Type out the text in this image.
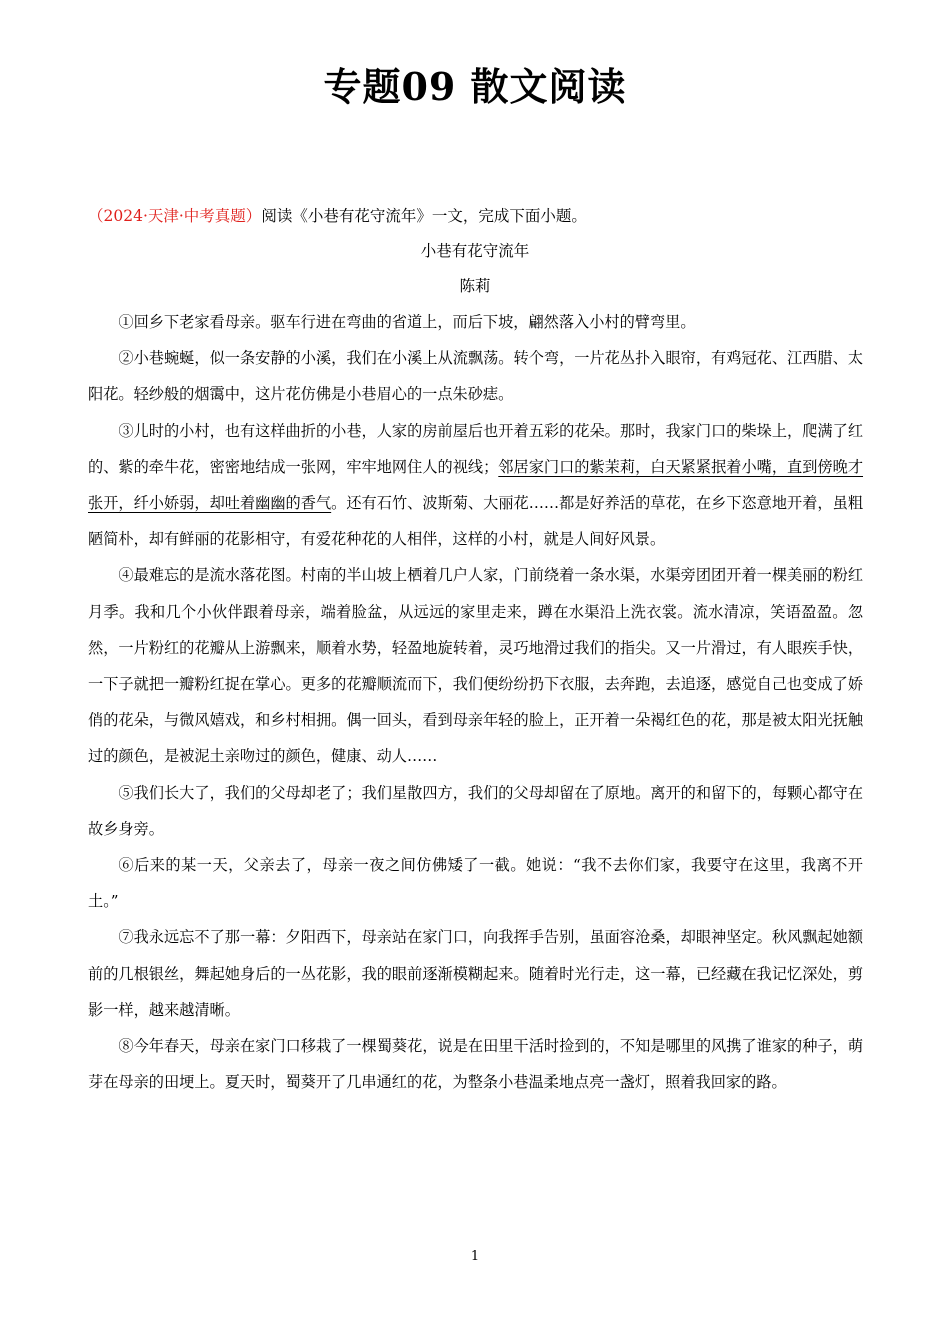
专题09 散文阅读
（2024·天津·中考真题）阅读《小巷有花守流年》一文，完成下面小题。
小巷有花守流年
陈莉

①回乡下老家看母亲。驱车行进在弯曲的省道上，而后下坡，翩然落入小村的臂弯里。

②小巷蜿蜒，似一条安静的小溪，我们在小溪上从流飘荡。转个弯，一片花丛扑入眼帘，有鸡冠花、江西腊、太阳花。轻纱般的烟霭中，这片花仿佛是小巷眉心的一点朱砂痣。

③儿时的小村，也有这样曲折的小巷，人家的房前屋后也开着五彩的花朵。那时，我家门口的柴垛上，爬满了红的、紫的牵牛花，密密地结成一张网，牢牢地网住人的视线；邻居家门口的紫茉莉，白天紧紧抿着小嘴，直到傍晚才张开，纤小娇弱，却吐着幽幽的香气。还有石竹、波斯菊、大丽花……都是好养活的草花，在乡下恣意地开着，虽粗陋简朴，却有鲜丽的花影相守，有爱花种花的人相伴，这样的小村，就是人间好风景。

④最难忘的是流水落花图。村南的半山坡上栖着几户人家，门前绕着一条水渠，水渠旁团团开着一棵美丽的粉红月季。我和几个小伙伴跟着母亲，端着脸盆，从远远的家里走来，蹲在水渠沿上洗衣裳。流水清凉，笑语盈盈。忽然，一片粉红的花瓣从上游飘来，顺着水势，轻盈地旋转着，灵巧地滑过我们的指尖。又一片滑过，有人眼疾手快，一下子就把一瓣粉红捉在掌心。更多的花瓣顺流而下，我们便纷纷扔下衣服，去奔跑，去追逐，感觉自己也变成了娇俏的花朵，与微风嬉戏，和乡村相拥。偶一回头，看到母亲年轻的脸上，正开着一朵褐红色的花，那是被太阳光抚触过的颜色，是被泥土亲吻过的颜色，健康、动人……

⑤我们长大了，我们的父母却老了；我们星散四方，我们的父母却留在了原地。离开的和留下的，每颗心都守在故乡身旁。

⑥后来的某一天，父亲去了，母亲一夜之间仿佛矮了一截。她说：“我不去你们家，我要守在这里，我离不开土。”

⑦我永远忘不了那一幕：夕阳西下，母亲站在家门口，向我挥手告别，虽面容沧桑，却眼神坚定。秋风飘起她额前的几根银丝，舞起她身后的一丛花影，我的眼前逐渐模糊起来。随着时光行走，这一幕，已经藏在我记忆深处，剪影一样，越来越清晰。

⑧今年春天，母亲在家门口移栽了一棵蜀葵花，说是在田里干活时捡到的，不知是哪里的风携了谁家的种子，萌芽在母亲的田埂上。夏天时，蜀葵开了几串通红的花，为整条小巷温柔地点亮一盏灯，照着我回家的路。

1
